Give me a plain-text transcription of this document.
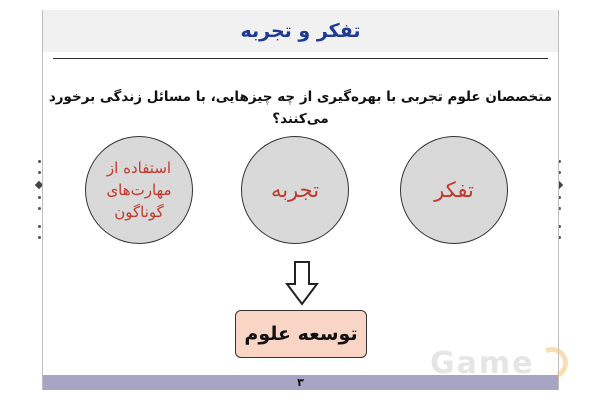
تفکر و تجربه
متخصصان علوم تجربی با بهره‌گیری از چه چیزهایی، با مسائل زندگی برخورد می‌کنند؟
تفکر
تجربه
استفاده از مهارت‌های گوناگون
توسعه علوم
۳
Game
